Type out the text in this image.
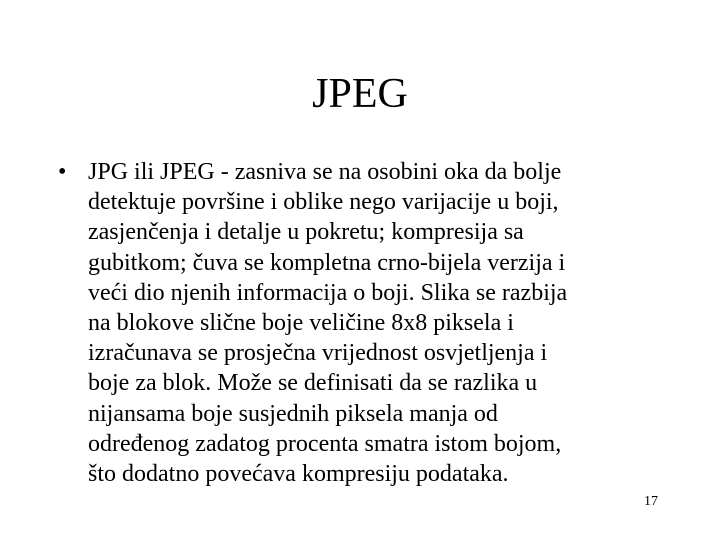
JPEG
• JPG ili JPEG - zasniva se na osobini oka da bolje
detektuje površine i oblike nego varijacije u boji,
zasjenčenja i detalje u pokretu; kompresija sa
gubitkom; čuva se kompletna crno-bijela verzija i
veći dio njenih informacija o boji. Slika se razbija
na blokove slične boje veličine 8x8 piksela i
izračunava se prosječna vrijednost osvjetljenja i
boje za blok. Može se definisati da se razlika u
nijansama boje susjednih piksela manja od
određenog zadatog procenta smatra istom bojom,
što dodatno povećava kompresiju podataka.
17
